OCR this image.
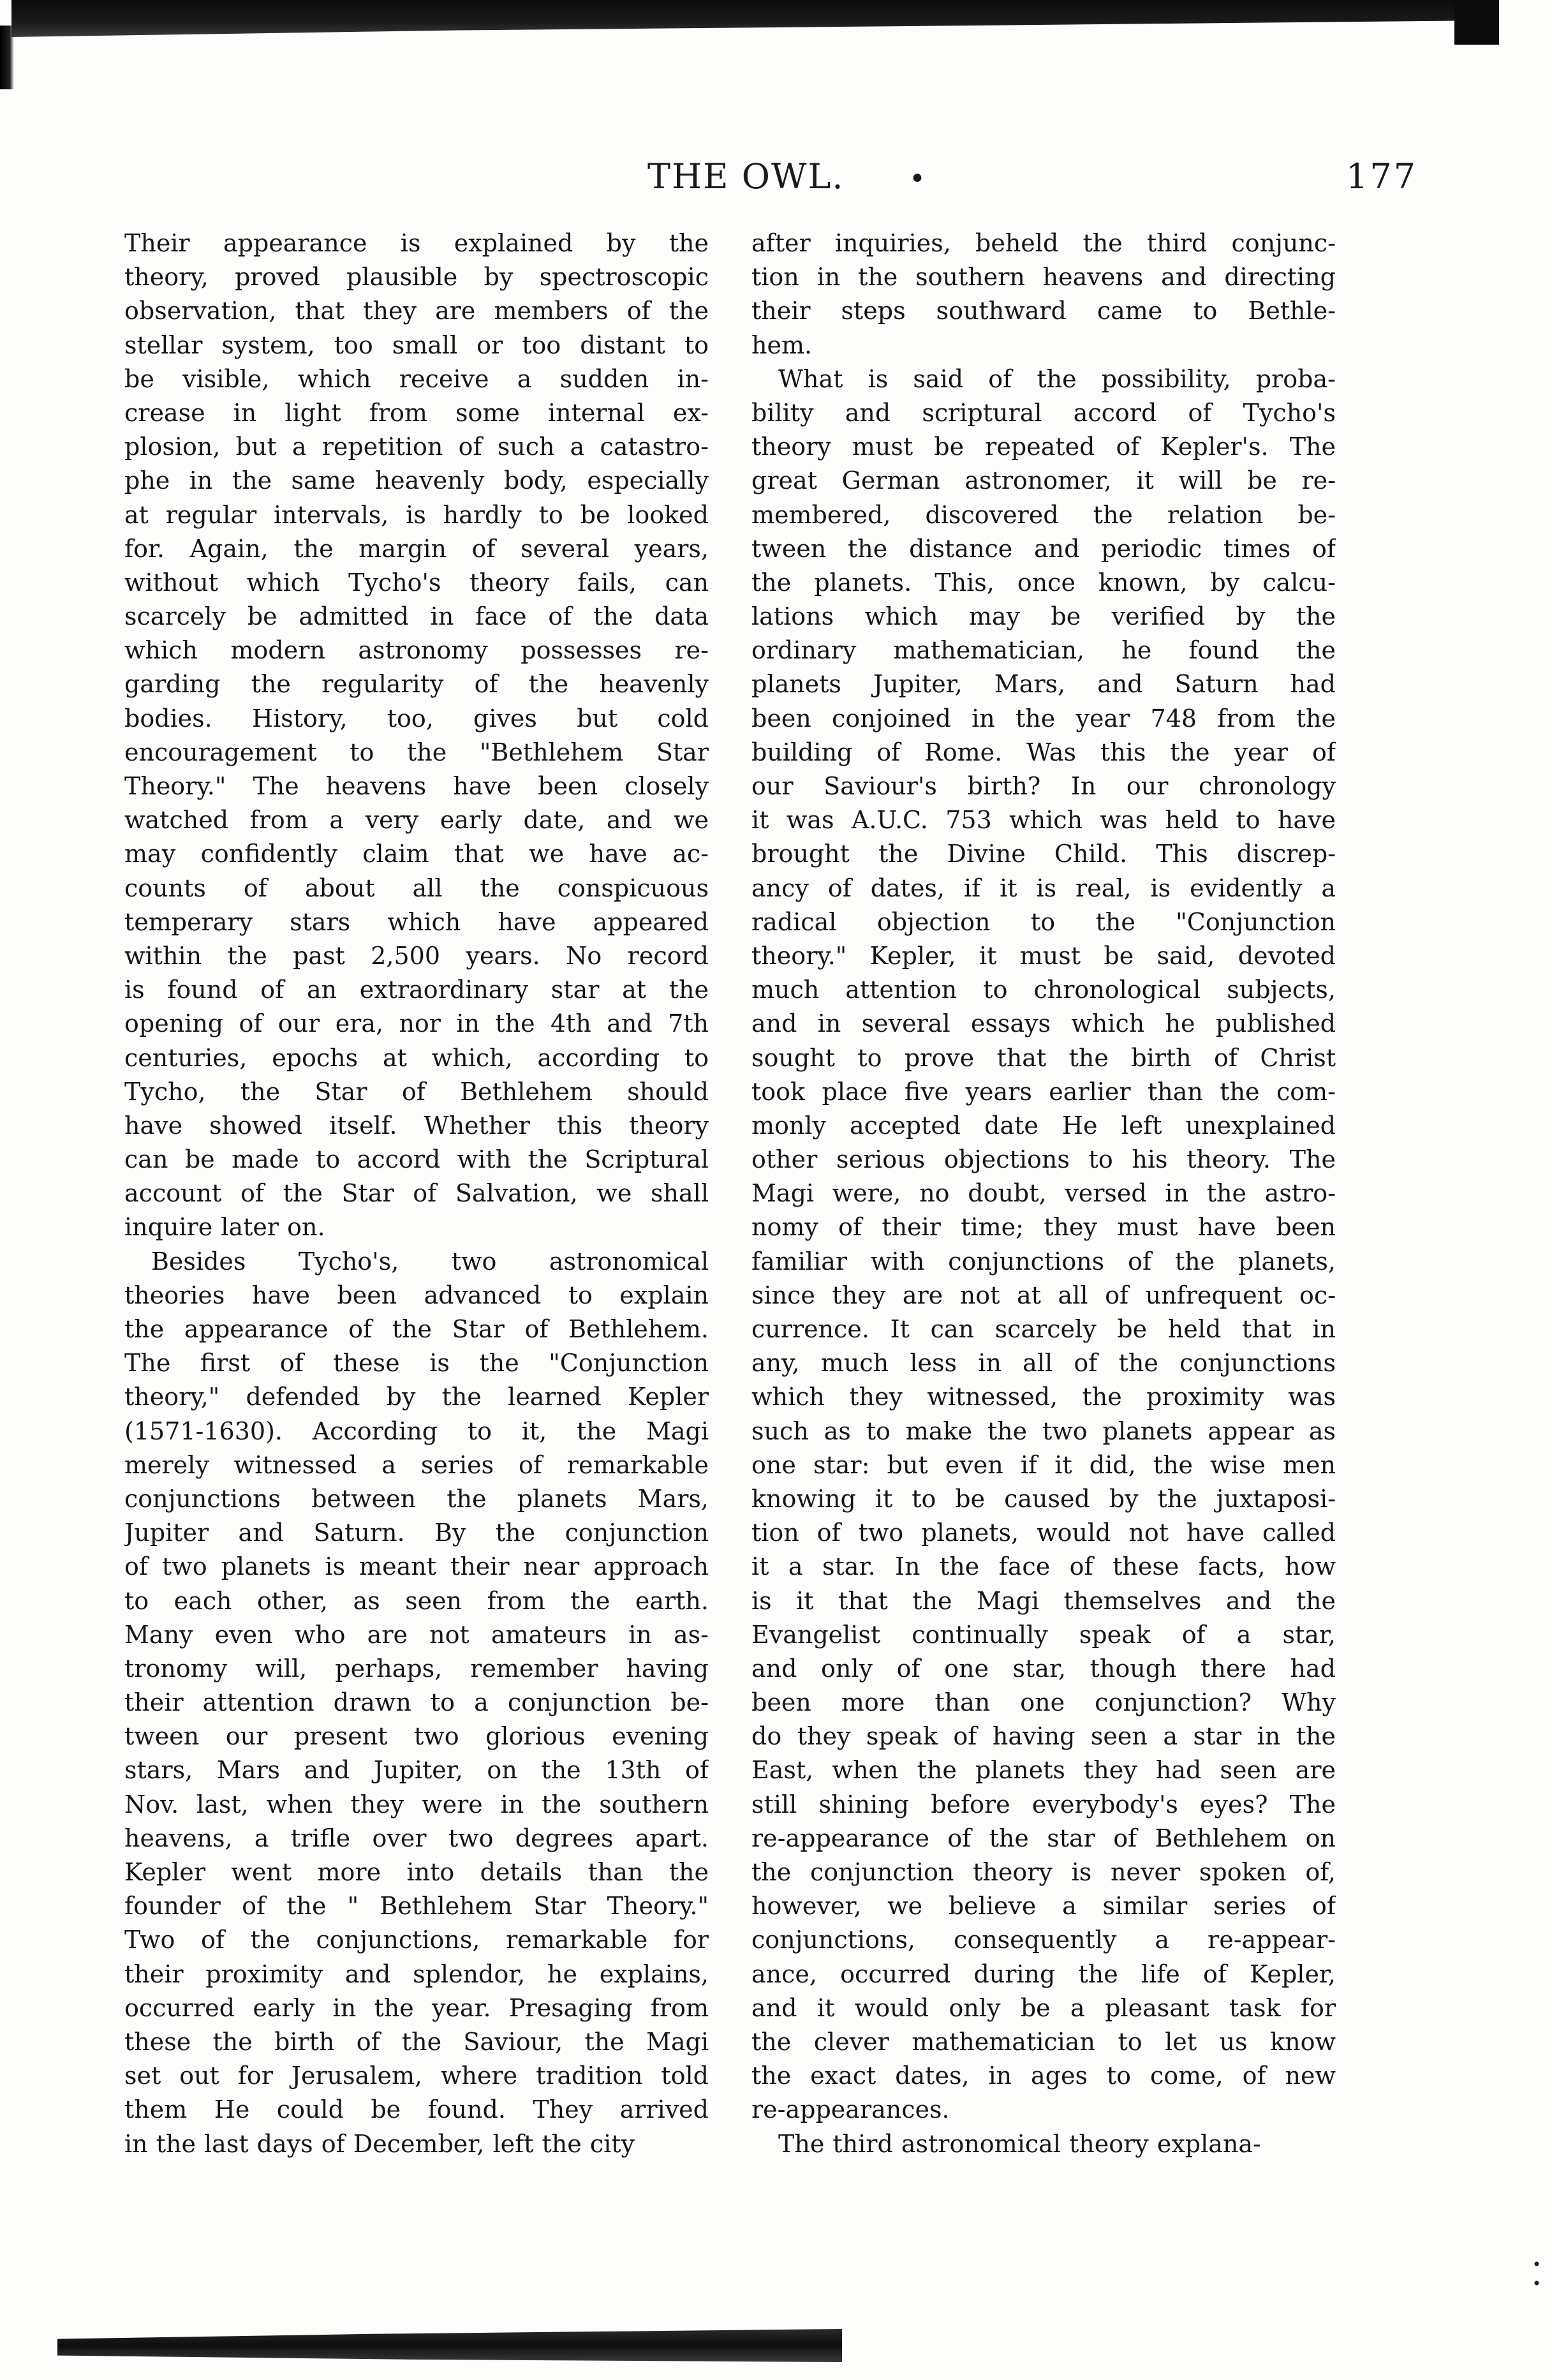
THE OWL. •	177
Their appearance is explained by the
theory, proved plausible by spectroscopic
observation, that they are members of the
stellar system, too small or too distant to
be visible, which receive a sudden in-
crease in light from some internal ex-
plosion, but a repetition of such a catastro-
phe in the same heavenly body, especially
at regular intervals, is hardly to be looked
for. Again, the margin of several years,
without which Tycho's theory fails, can
scarcely be admitted in face of the data
which modern astronomy possesses re-
garding the regularity of the heavenly
bodies. History, too, gives but cold
encouragement to the "Bethlehem Star
Theory." The heavens have been closely
watched from a very early date, and we
may confidently claim that we have ac-
counts of about all the conspicuous
temperary stars which have appeared
within the past 2,500 years. No record
is found of an extraordinary star at the
opening of our era, nor in the 4th and 7th
centuries, epochs at which, according to
Tycho, the Star of Bethlehem should
have showed itself. Whether this theory
can be made to accord with the Scriptural
account of the Star of Salvation, we shall
inquire later on.
Besides Tycho's, two astronomical
theories have been advanced to explain
the appearance of the Star of Bethlehem.
The first of these is the "Conjunction
theory," defended by the learned Kepler
(1571-1630). According to it, the Magi
merely witnessed a series of remarkable
conjunctions between the planets Mars,
Jupiter and Saturn. By the conjunction
of two planets is meant their near approach
to each other, as seen from the earth.
Many even who are not amateurs in as-
tronomy will, perhaps, remember having
their attention drawn to a conjunction be-
tween our present two glorious evening
stars, Mars and Jupiter, on the 13th of
Nov. last, when they were in the southern
heavens, a trifle over two degrees apart.
Kepler went more into details than the
founder of the " Bethlehem Star Theory."
Two of the conjunctions, remarkable for
their proximity and splendor, he explains,
occurred early in the year. Presaging from
these the birth of the Saviour, the Magi
set out for Jerusalem, where tradition told
them He could be found. They arrived
in the last days of December, left the city
after inquiries, beheld the third conjunc-
tion in the southern heavens and directing
their steps southward came to Bethle-
hem.
What is said of the possibility, proba-
bility and scriptural accord of Tycho's
theory must be repeated of Kepler's. The
great German astronomer, it will be re-
membered, discovered the relation be-
tween the distance and periodic times of
the planets. This, once known, by calcu-
lations which may be verified by the
ordinary mathematician, he found the
planets Jupiter, Mars, and Saturn had
been conjoined in the year 748 from the
building of Rome. Was this the year of
our Saviour's birth? In our chronology
it was A.U.C. 753 which was held to have
brought the Divine Child. This discrep-
ancy of dates, if it is real, is evidently a
radical objection to the "Conjunction
theory." Kepler, it must be said, devoted
much attention to chronological subjects,
and in several essays which he published
sought to prove that the birth of Christ
took place five years earlier than the com-
monly accepted date He left unexplained
other serious objections to his theory. The
Magi were, no doubt, versed in the astro-
nomy of their time; they must have been
familiar with conjunctions of the planets,
since they are not at all of unfrequent oc-
currence. It can scarcely be held that in
any, much less in all of the conjunctions
which they witnessed, the proximity was
such as to make the two planets appear as
one star: but even if it did, the wise men
knowing it to be caused by the juxtaposi-
tion of two planets, would not have called
it a star. In the face of these facts, how
is it that the Magi themselves and the
Evangelist continually speak of a star,
and only of one star, though there had
been more than one conjunction? Why
do they speak of having seen a star in the
East, when the planets they had seen are
still shining before everybody's eyes? The
re-appearance of the star of Bethlehem on
the conjunction theory is never spoken of,
however, we believe a similar series of
conjunctions, consequently a re-appear-
ance, occurred during the life of Kepler,
and it would only be a pleasant task for
the clever mathematician to let us know
the exact dates, in ages to come, of new
re-appearances.
The third astronomical theory explana-
